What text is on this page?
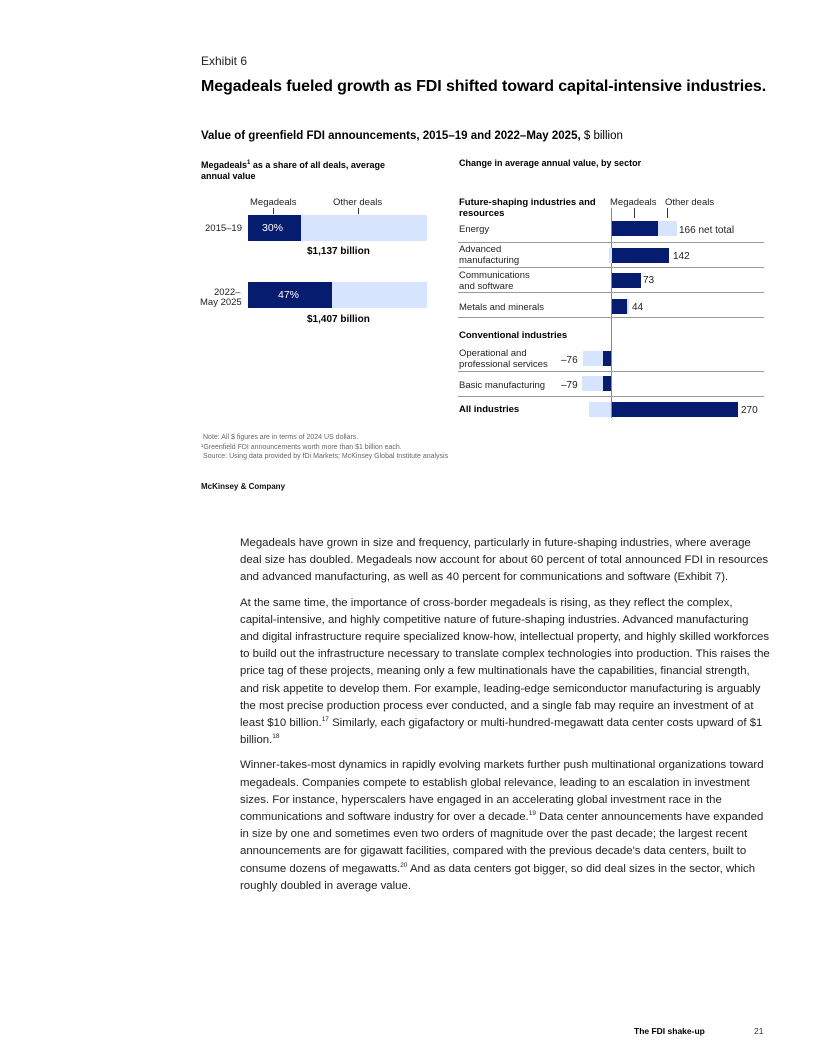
Exhibit 6
Megadeals fueled growth as FDI shifted toward capital-intensive industries.
Value of greenfield FDI announcements, 2015–19 and 2022–May 2025, $ billion
Megadeals$^1$ as a share of all deals, average annual value
Megadeals	Other deals
2015–19 30%
$1,137 billion
2022–
May 2025
47%
$1,407 billion
Change in average annual value, by sector
Megadeals Other deals
Future-shaping industries and resources
Energy	166 net total
Advanced
manufacturing	142
Communications
and software
73
Metals and minerals	44
Conventional industries
Operational and
professional services –76
Basic manufacturing –79
All industries	270
Note: All $ figures are in terms of 2024 US dollars.
¹Greenfield FDI announcements worth more than $1 billion each.
Source: Using data provided by fDi Markets; McKinsey Global Institute analysis
McKinsey & Company

Megadeals have grown in size and frequency, particularly in future-shaping industries, where average deal size has doubled. Megadeals now account for about 60 percent of total announced FDI in resources and advanced manufacturing, as well as 40 percent for communications and software (Exhibit 7).

At the same time, the importance of cross-border megadeals is rising, as they reflect the complex, capital-intensive, and highly competitive nature of future-shaping industries. Advanced manufacturing and digital infrastructure require specialized know-how, intellectual property, and highly skilled workforces to build out the infrastructure necessary to translate complex technologies into production. This raises the price tag of these projects, meaning only a few multinationals have the capabilities, financial strength, and risk appetite to develop them. For example, leading-edge semiconductor manufacturing is arguably the most precise production process ever conducted, and a single fab may require an investment of at least $10 billion.$^{17}$ Similarly, each gigafactory or multi-hundred-megawatt data center costs upward of $1 billion.$^{18}$

Winner-takes-most dynamics in rapidly evolving markets further push multinational organizations toward megadeals. Companies compete to establish global relevance, leading to an escalation in investment sizes. For instance, hyperscalers have engaged in an accelerating global investment race in the communications and software industry for over a decade.$^{19}$ Data center announcements have expanded in size by one and sometimes even two orders of magnitude over the past decade; the largest recent announcements are for gigawatt facilities, compared with the previous decade's data centers, built to consume dozens of megawatts.$^{20}$ And as data centers got bigger, so did deal sizes in the sector, which roughly doubled in average value.

The FDI shake-up	21
